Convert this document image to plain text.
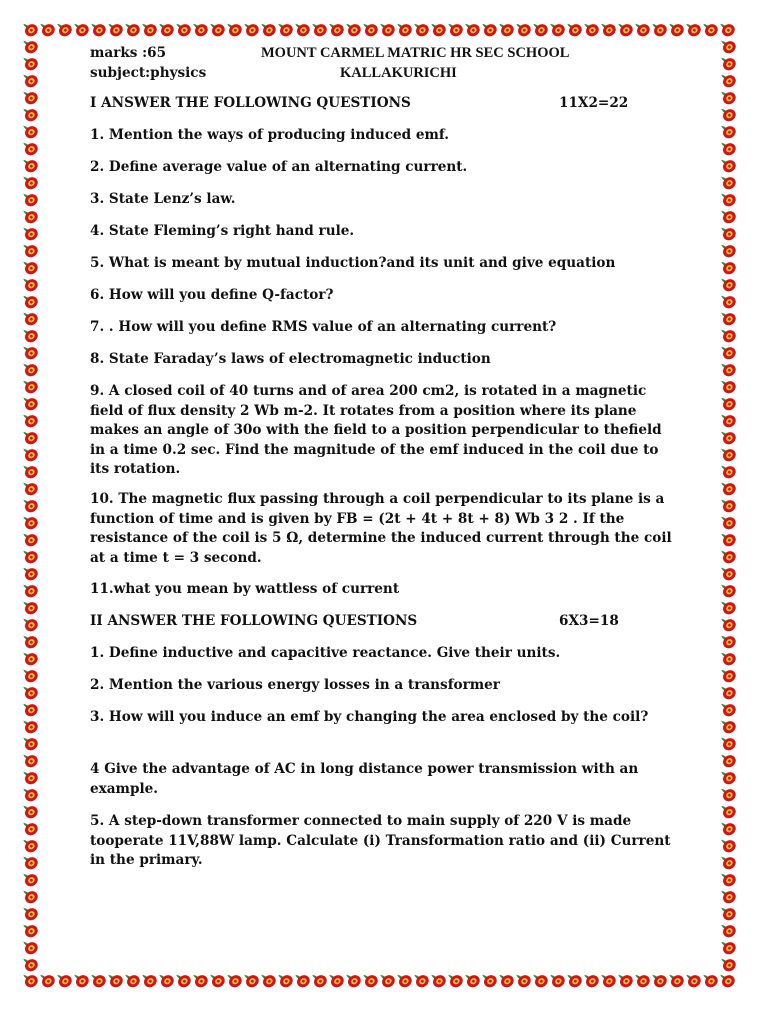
marks :65	MOUNT CARMEL MATRIC HR SEC SCHOOL
subject:physics	KALLAKURICHI
I ANSWER THE FOLLOWING QUESTIONS	11X2=22
1. Mention the ways of producing induced emf.
2. Define average value of an alternating current.
3. State Lenz’s law.
4. State Fleming’s right hand rule.
5. What is meant by mutual induction?and its unit and give equation
6. How will you define Q-factor?
7. . How will you define RMS value of an alternating current?
8. State Faraday’s laws of electromagnetic induction
9. A closed coil of 40 turns and of area 200 cm2, is rotated in a magnetic field of flux density 2 Wb m-2. It rotates from a position where its plane makes an angle of 30o with the field to a position perpendicular to thefield in a time 0.2 sec. Find the magnitude of the emf induced in the coil due to its rotation.
10. The magnetic flux passing through a coil perpendicular to its plane is a function of time and is given by FB = (2t + 4t + 8t + 8) Wb 3 2 . If the resistance of the coil is 5 Ω, determine the induced current through the coil at a time t = 3 second.
11.what you mean by wattless of current
II ANSWER THE FOLLOWING QUESTIONS	6X3=18
1. Define inductive and capacitive reactance. Give their units.
2. Mention the various energy losses in a transformer
3. How will you induce an emf by changing the area enclosed by the coil?
4 Give the advantage of AC in long distance power transmission with an example.
5. A step-down transformer connected to main supply of 220 V is made tooperate 11V,88W lamp. Calculate (i) Transformation ratio and (ii) Current in the primary.
